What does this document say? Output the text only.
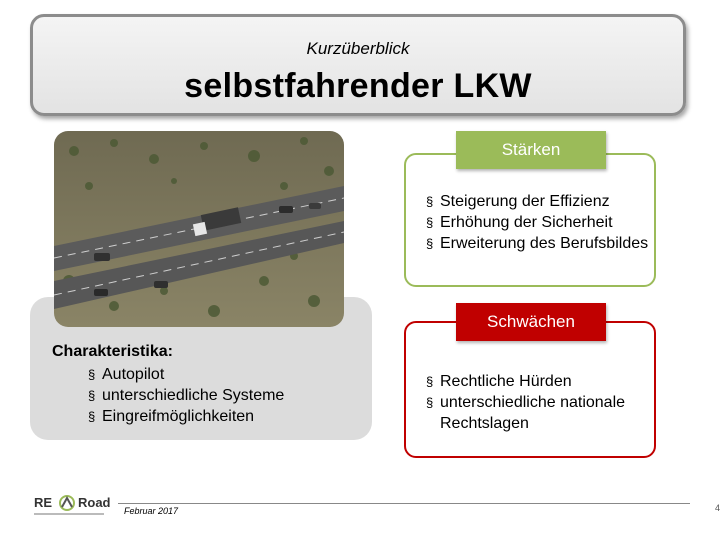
Kurzüberblick
selbstfahrender LKW
Charakteristika:
§ Autopilot
§ unterschiedliche Systeme
§ Eingreifmöglichkeiten
§ Steigerung der Effizienz
§ Erhöhung der Sicherheit
§ Erweiterung des Berufsbildes
Stärken
§ Rechtliche Hürden
§ unterschiedliche nationale Rechtslagen
Schwächen
RE Road
Februar 2017	4
